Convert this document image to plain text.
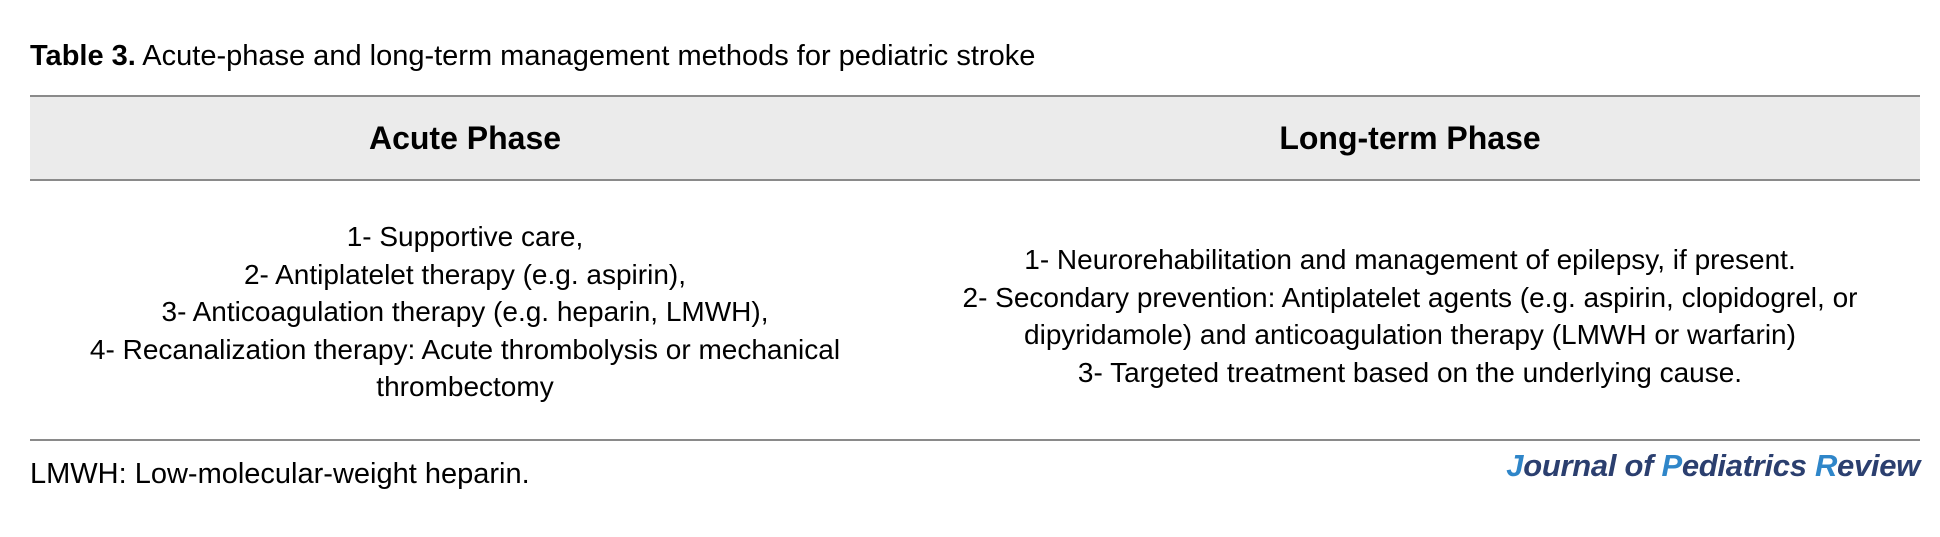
Table 3. Acute-phase and long-term management methods for pediatric stroke
Acute Phase	Long-term Phase
1- Supportive care,
2- Antiplatelet therapy (e.g. aspirin),
3- Anticoagulation therapy (e.g. heparin, LMWH),
4- Recanalization therapy: Acute thrombolysis or mechanical
thrombectomy
1- Neurorehabilitation and management of epilepsy, if present.
2- Secondary prevention: Antiplatelet agents (e.g. aspirin, clopidogrel, or
dipyridamole) and anticoagulation therapy (LMWH or warfarin)
3- Targeted treatment based on the underlying cause.
LMWH: Low-molecular-weight heparin.	Journal of Pediatrics Review
